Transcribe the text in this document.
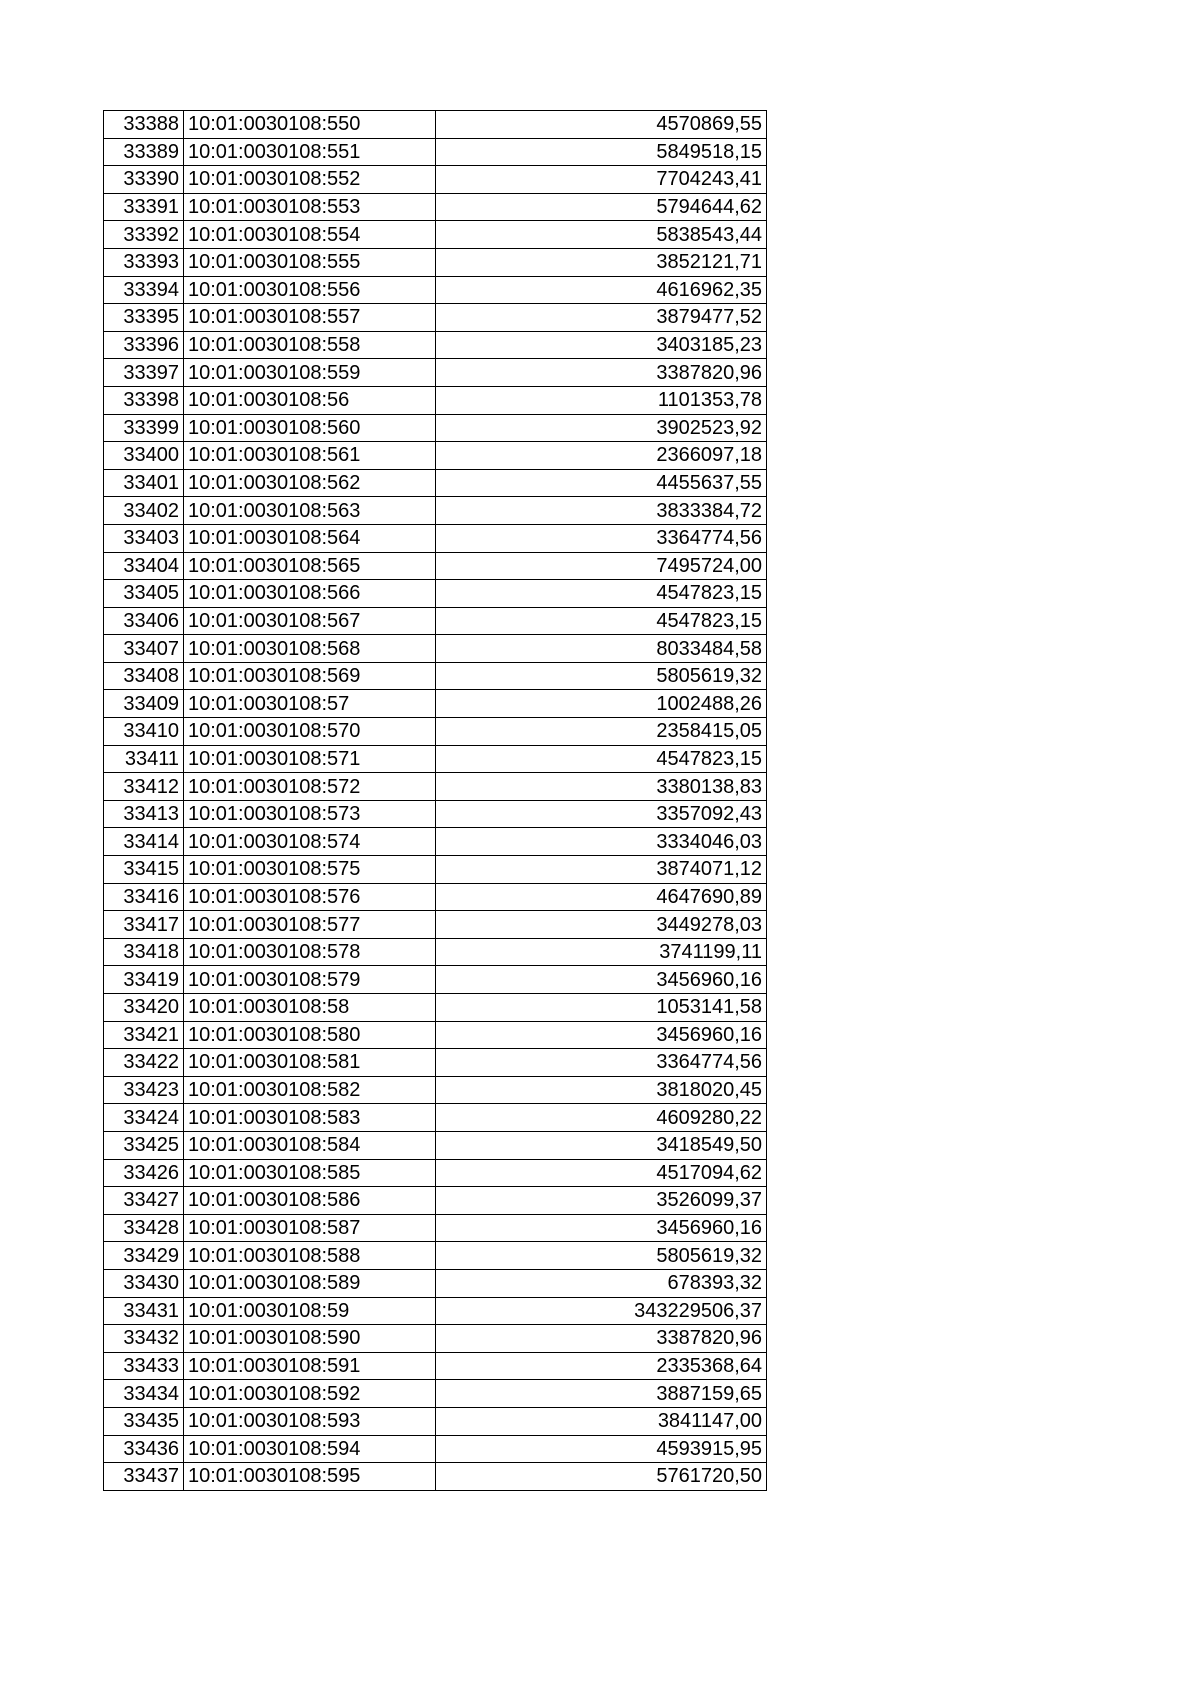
33388	10:01:0030108:550	4570869,55
33389	10:01:0030108:551	5849518,15
33390	10:01:0030108:552	7704243,41
33391	10:01:0030108:553	5794644,62
33392	10:01:0030108:554	5838543,44
33393	10:01:0030108:555	3852121,71
33394	10:01:0030108:556	4616962,35
33395	10:01:0030108:557	3879477,52
33396	10:01:0030108:558	3403185,23
33397	10:01:0030108:559	3387820,96
33398	10:01:0030108:56	1101353,78
33399	10:01:0030108:560	3902523,92
33400	10:01:0030108:561	2366097,18
33401	10:01:0030108:562	4455637,55
33402	10:01:0030108:563	3833384,72
33403	10:01:0030108:564	3364774,56
33404	10:01:0030108:565	7495724,00
33405	10:01:0030108:566	4547823,15
33406	10:01:0030108:567	4547823,15
33407	10:01:0030108:568	8033484,58
33408	10:01:0030108:569	5805619,32
33409	10:01:0030108:57	1002488,26
33410	10:01:0030108:570	2358415,05
33411	10:01:0030108:571	4547823,15
33412	10:01:0030108:572	3380138,83
33413	10:01:0030108:573	3357092,43
33414	10:01:0030108:574	3334046,03
33415	10:01:0030108:575	3874071,12
33416	10:01:0030108:576	4647690,89
33417	10:01:0030108:577	3449278,03
33418	10:01:0030108:578	3741199,11
33419	10:01:0030108:579	3456960,16
33420	10:01:0030108:58	1053141,58
33421	10:01:0030108:580	3456960,16
33422	10:01:0030108:581	3364774,56
33423	10:01:0030108:582	3818020,45
33424	10:01:0030108:583	4609280,22
33425	10:01:0030108:584	3418549,50
33426	10:01:0030108:585	4517094,62
33427	10:01:0030108:586	3526099,37
33428	10:01:0030108:587	3456960,16
33429	10:01:0030108:588	5805619,32
33430	10:01:0030108:589	678393,32
33431	10:01:0030108:59	343229506,37
33432	10:01:0030108:590	3387820,96
33433	10:01:0030108:591	2335368,64
33434	10:01:0030108:592	3887159,65
33435	10:01:0030108:593	3841147,00
33436	10:01:0030108:594	4593915,95
33437	10:01:0030108:595	5761720,50
